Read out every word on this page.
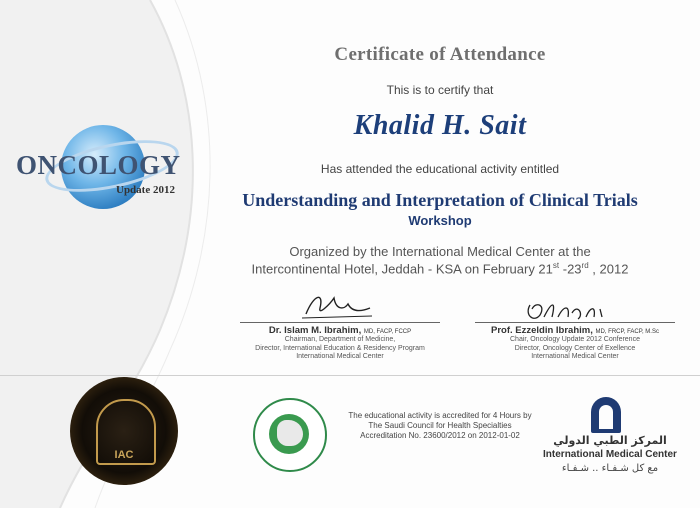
ONCOLOGY
Update 2012
Certificate of Attendance
This is to certify that
Khalid H. Sait
Has attended the educational activity entitled
Understanding and Interpretation of Clinical Trials
Workshop
Organized by the International Medical Center at the
Intercontinental Hotel, Jeddah - KSA on February 21st -23rd , 2012
Dr. Islam M. Ibrahim, MD, FACP, FCCP
Chairman, Department of Medicine,
Director, International Education & Residency Program
International Medical Center
Prof. Ezzeldin Ibrahim, MD, FRCP, FACP, M.Sc
Chair, Oncology Update 2012 Conference
Director, Oncology Center of Exellence
International Medical Center
IAC
The educational activity is accredited for 4 Hours by
The Saudi Council for Health Specialties
Accreditation No. 23600/2012 on 2012-01-02	المركز الطبي الدولي
International Medical Center
مع كل شـفـاء .. شـفـاء
